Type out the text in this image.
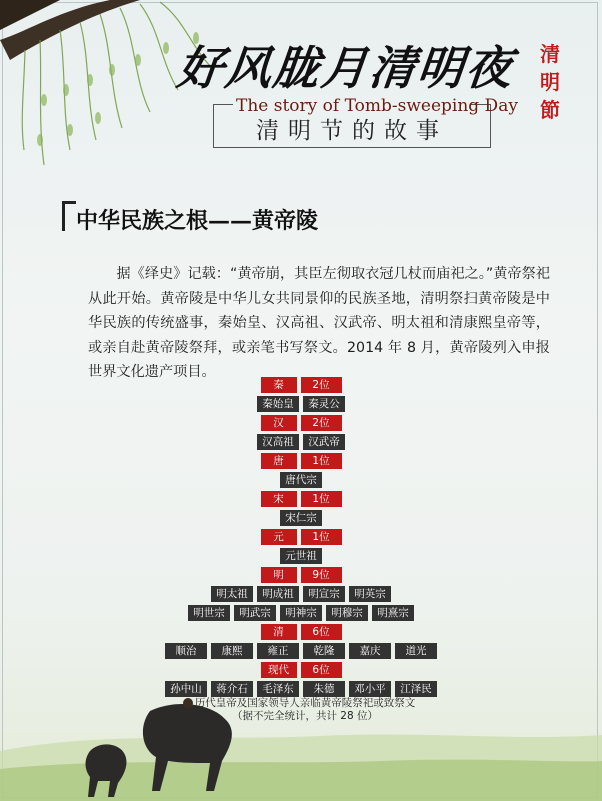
好风胧月清明夜	清
明
節
The story of Tomb-sweeping Day
清明节的故事
中华民族之根——黄帝陵
据《绎史》记载：“黄帝崩，其臣左彻取衣冠几杖而庙祀之。”黄帝祭祀从此开始。黄帝陵是中华儿女共同景仰的民族圣地，清明祭扫黄帝陵是中华民族的传统盛事，秦始皇、汉高祖、汉武帝、明太祖和清康熙皇帝等，或亲自赴黄帝陵祭拜，或亲笔书写祭文。2014 年 8 月，黄帝陵列入申报世界文化遗产项目。
秦	2位
秦始皇	秦灵公
汉	2位
汉高祖	汉武帝
唐	1位
唐代宗
宋	1位
宋仁宗
元	1位
元世祖
明	9位
明太祖	明成祖	明宣宗	明英宗
明世宗	明武宗	明神宗	明穆宗	明熹宗
清	6位
顺治	康熙	雍正	乾隆	嘉庆	道光
现代	6位
孙中山	蒋介石	毛泽东	朱德	邓小平	江泽民
历代皇帝及国家领导人亲临黄帝陵祭祀或致祭文
（据不完全统计，共计 28 位）
